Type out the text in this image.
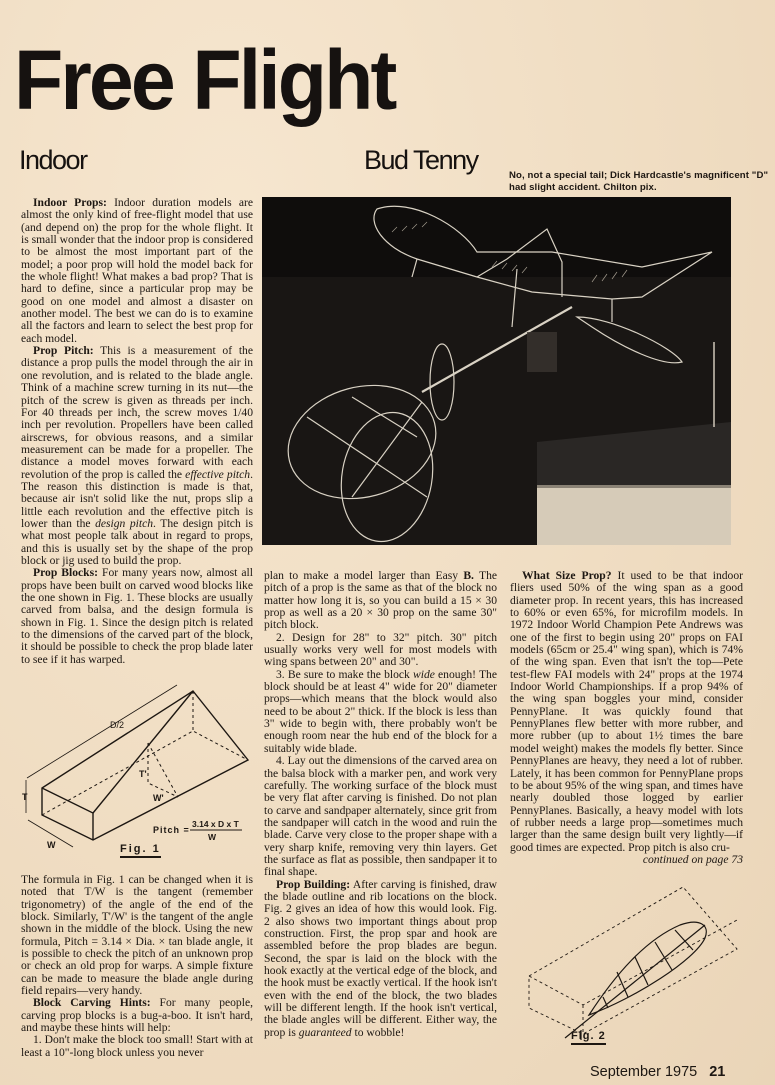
Free Flight
Indoor	Bud Tenny
No, not a special tail; Dick Hardcastle's magnificent "D" had slight accident. Chilton pix.

Indoor Props: Indoor duration models are almost the only kind of free-flight model that use (and depend on) the prop for the whole flight. It is small wonder that the indoor prop is considered to be almost the most important part of the model; a poor prop will hold the model back for the whole flight! What makes a bad prop? That is hard to define, since a particular prop may be good on one model and almost a disaster on another model. The best we can do is to examine all the factors and learn to select the best prop for each model.

Prop Pitch: This is a measurement of the distance a prop pulls the model through the air in one revolution, and is related to the blade angle. Think of a machine screw turning in its nut—the pitch of the screw is given as threads per inch. For 40 threads per inch, the screw moves 1/40 inch per revolution. Propellers have been called airscrews, for obvious reasons, and a similar measurement can be made for a propeller. The distance a model moves forward with each revolution of the prop is called the effective pitch. The reason this distinction is made is that, because air isn't solid like the nut, props slip a little each revolution and the effective pitch is lower than the design pitch. The design pitch is what most people talk about in regard to props, and this is usually set by the shape of the prop block or jig used to build the prop.

Prop Blocks: For many years now, almost all props have been built on carved wood blocks like the one shown in Fig. 1. These blocks are usually carved from balsa, and the design formula is shown in Fig. 1. Since the design pitch is related to the dimensions of the carved part of the block, it should be possible to check the prop blade later to see if it has warped.

D/2
T
W
T'
W'
Pitch =
3.14 x D x T
W
Fig. 1

The formula in Fig. 1 can be changed when it is noted that T/W is the tangent (remember trigonometry) of the angle of the end of the block. Similarly, T'/W' is the tangent of the angle shown in the middle of the block. Using the new formula, Pitch = 3.14 × Dia. × tan blade angle, it is possible to check the pitch of an unknown prop or check an old prop for warps. A simple fixture can be made to measure the blade angle during field repairs—very handy.

Block Carving Hints: For many people, carving prop blocks is a bug-a-boo. It isn't hard, and maybe these hints will help:

1. Don't make the block too small! Start with at least a 10"-long block unless you never

plan to make a model larger than Easy B. The pitch of a prop is the same as that of the block no matter how long it is, so you can build a 15 × 30 prop as well as a 20 × 30 prop on the same 30" pitch block.

2. Design for 28" to 32" pitch. 30" pitch usually works very well for most models with wing spans between 20" and 30".

3. Be sure to make the block wide enough! The block should be at least 4" wide for 20" diameter props—which means that the block would also need to be about 2" thick. If the block is less than 3" wide to begin with, there probably won't be enough room near the hub end of the block for a suitably wide blade.

4. Lay out the dimensions of the carved area on the balsa block with a marker pen, and work very carefully. The working surface of the block must be very flat after carving is finished. Do not plan to carve and sandpaper alternately, since grit from the sandpaper will catch in the wood and ruin the blade. Carve very close to the proper shape with a very sharp knife, removing very thin layers. Get the surface as flat as possible, then sandpaper it to final shape.

Prop Building: After carving is finished, draw the blade outline and rib locations on the block. Fig. 2 gives an idea of how this would look. Fig. 2 also shows two important things about prop construction. First, the prop spar and hook are assembled before the prop blades are begun. Second, the spar is laid on the block with the hook exactly at the vertical edge of the block, and the hook must be exactly vertical. If the hook isn't even with the end of the block, the two blades will be different length. If the hook isn't vertical, the blade angles will be different. Either way, the prop is guaranteed to wobble!

What Size Prop? It used to be that indoor fliers used 50% of the wing span as a good diameter prop. In recent years, this has increased to 60% or even 65%, for microfilm models. In 1972 Indoor World Champion Pete Andrews was one of the first to begin using 20" props on FAI models (65cm or 25.4" wing span), which is 74% of the wing span. Even that isn't the top—Pete test-flew FAI models with 24" props at the 1974 Indoor World Championships. If a prop 94% of the wing span boggles your mind, consider PennyPlane. It was quickly found that PennyPlanes flew better with more rubber, and more rubber (up to about 1½ times the bare model weight) makes the models fly better. Since PennyPlanes are heavy, they need a lot of rubber. Lately, it has been common for PennyPlane props to be about 95% of the wing span, and times have nearly doubled those logged by earlier PennyPlanes. Basically, a heavy model with lots of rubber needs a large prop—sometimes much larger than the same design built very lightly—if good times are expected. Prop pitch is also cru-

continued on page 73
Fig. 2
September 1975 21
